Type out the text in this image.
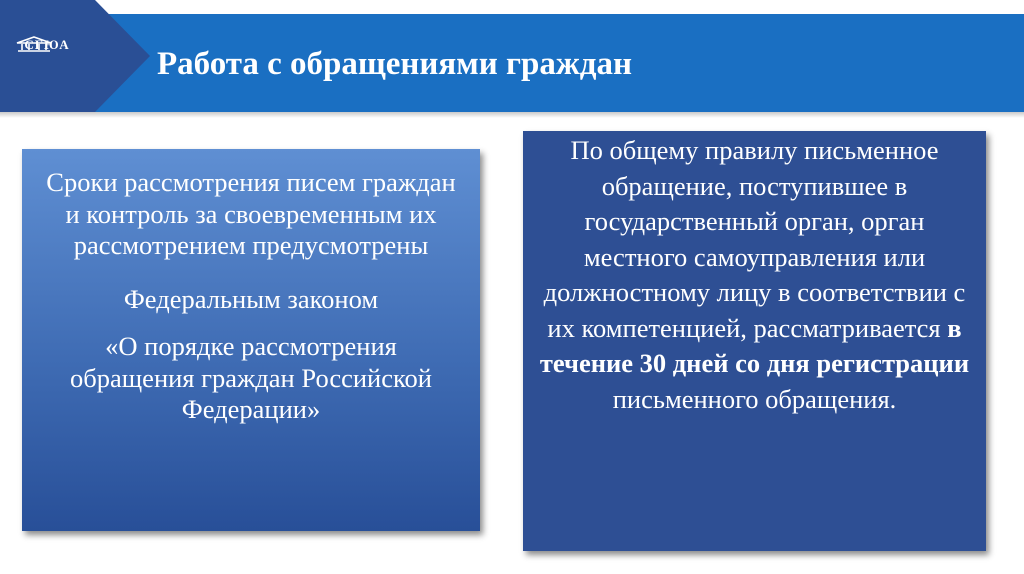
СГЮА
Работа с обращениями граждан

Сроки рассмотрения писем граждан и контроль за своевременным их рассмотрением предусмотрены

Федеральным законом

«О порядке рассмотрения обращения граждан Российской Федерации»

По общему правилу письменное обращение, поступившее в государственный орган, орган местного самоуправления или должностному лицу в соответствии с их компетенцией, рассматривается в течение 30 дней со дня регистрации письменного обращения.
